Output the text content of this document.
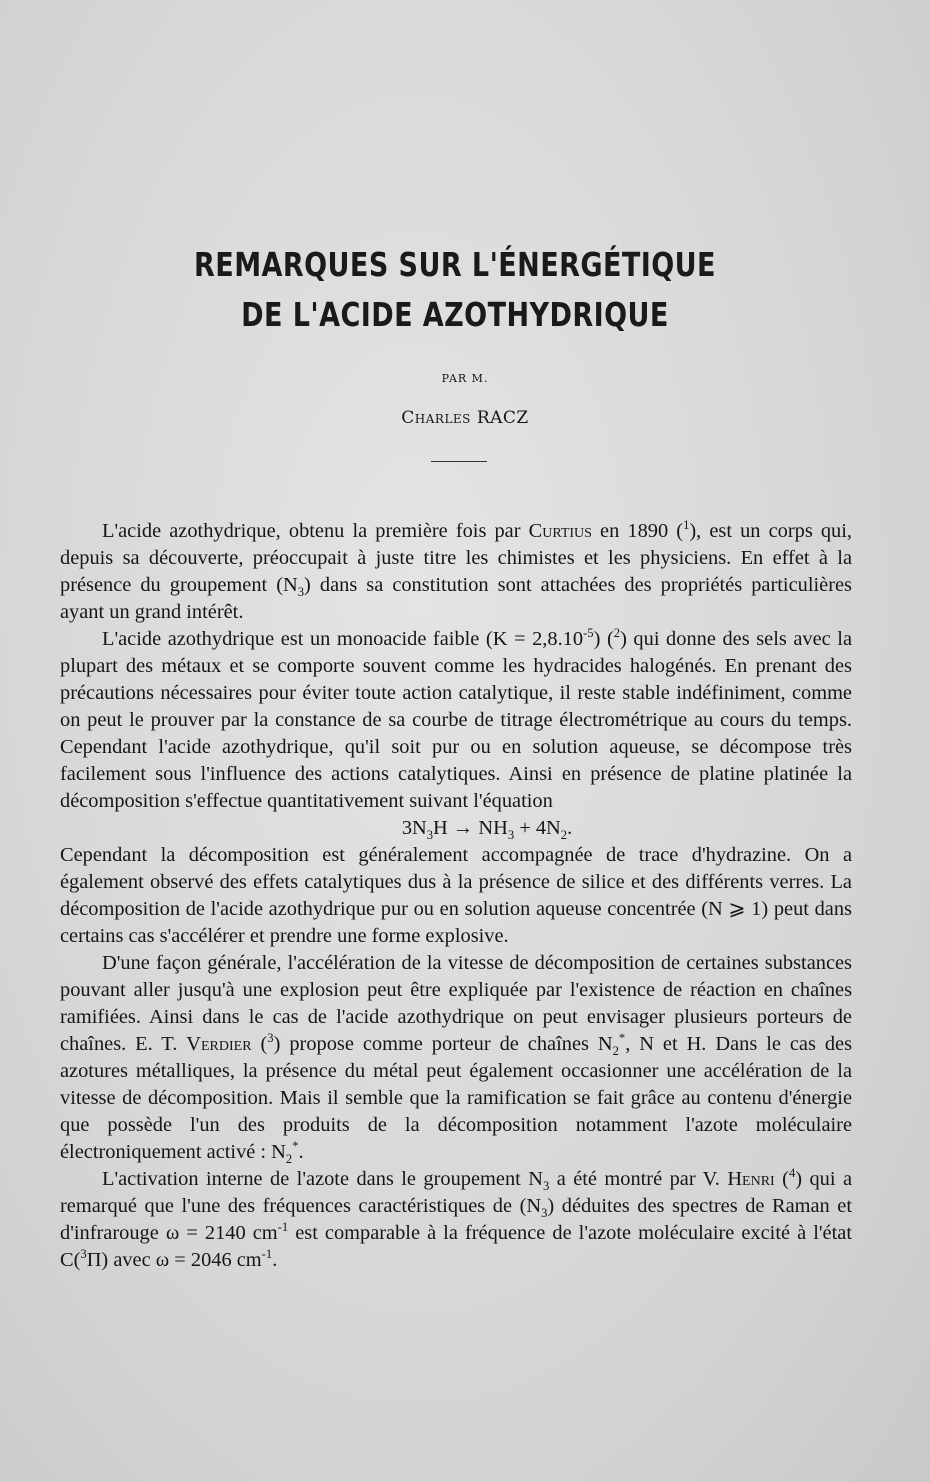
REMARQUES SUR L'ÉNERGÉTIQUE
DE L'ACIDE AZOTHYDRIQUE
PAR M.
Charles RACZ

L'acide azothydrique, obtenu la première fois par Curtius en 1890 ($^1$), est un corps qui, depuis sa découverte, préoccupait à juste titre les chimistes et les physiciens. En effet à la présence du groupement $(N_3)$ dans sa constitution sont attachées des propriétés particulières ayant un grand intérêt.

L'acide azothydrique est un monoacide faible $(K = 2,8.10^{-5})$ ($^2$) qui donne des sels avec la plupart des métaux et se comporte souvent comme les hydracides halogénés. En prenant des précautions nécessaires pour éviter toute action catalytique, il reste stable indéfiniment, comme on peut le prouver par la constance de sa courbe de titrage électrométrique au cours du temps. Cependant l'acide azothydrique, qu'il soit pur ou en solution aqueuse, se décompose très facilement sous l'influence des actions catalytiques. Ainsi en présence de platine platinée la décomposition s'effectue quantitativement suivant l'équation

$3N_3H \to NH_3 + 4N_2$.

Cependant la décomposition est généralement accompagnée de trace d'hydrazine. On a également observé des effets catalytiques dus à la présence de silice et des différents verres. La décomposition de l'acide azothydrique pur ou en solution aqueuse concentrée (N ⩾ 1) peut dans certains cas s'accélérer et prendre une forme explosive.

D'une façon générale, l'accélération de la vitesse de décomposition de certaines substances pouvant aller jusqu'à une explosion peut être expliquée par l'existence de réaction en chaînes ramifiées. Ainsi dans le cas de l'acide azothydrique on peut envisager plusieurs porteurs de chaînes. E. T. Verdier ($^3$) propose comme porteur de chaînes $N_2^*$, N et H. Dans le cas des azotures métalliques, la présence du métal peut également occasionner une accélération de la vitesse de décomposition. Mais il semble que la ramification se fait grâce au contenu d'énergie que possède l'un des produits de la décomposition notamment l'azote moléculaire électroniquement activé : $N_2^*$.

L'activation interne de l'azote dans le groupement $N_3$ a été montré par V. Henri ($^4$) qui a remarqué que l'une des fréquences caractéristiques de $(N_3)$ déduites des spectres de Raman et d'infrarouge ω = 2140 $cm^{-1}$ est comparable à la fréquence de l'azote moléculaire excité à l'état C($^3$Π) avec ω = 2046 $cm^{-1}$.
